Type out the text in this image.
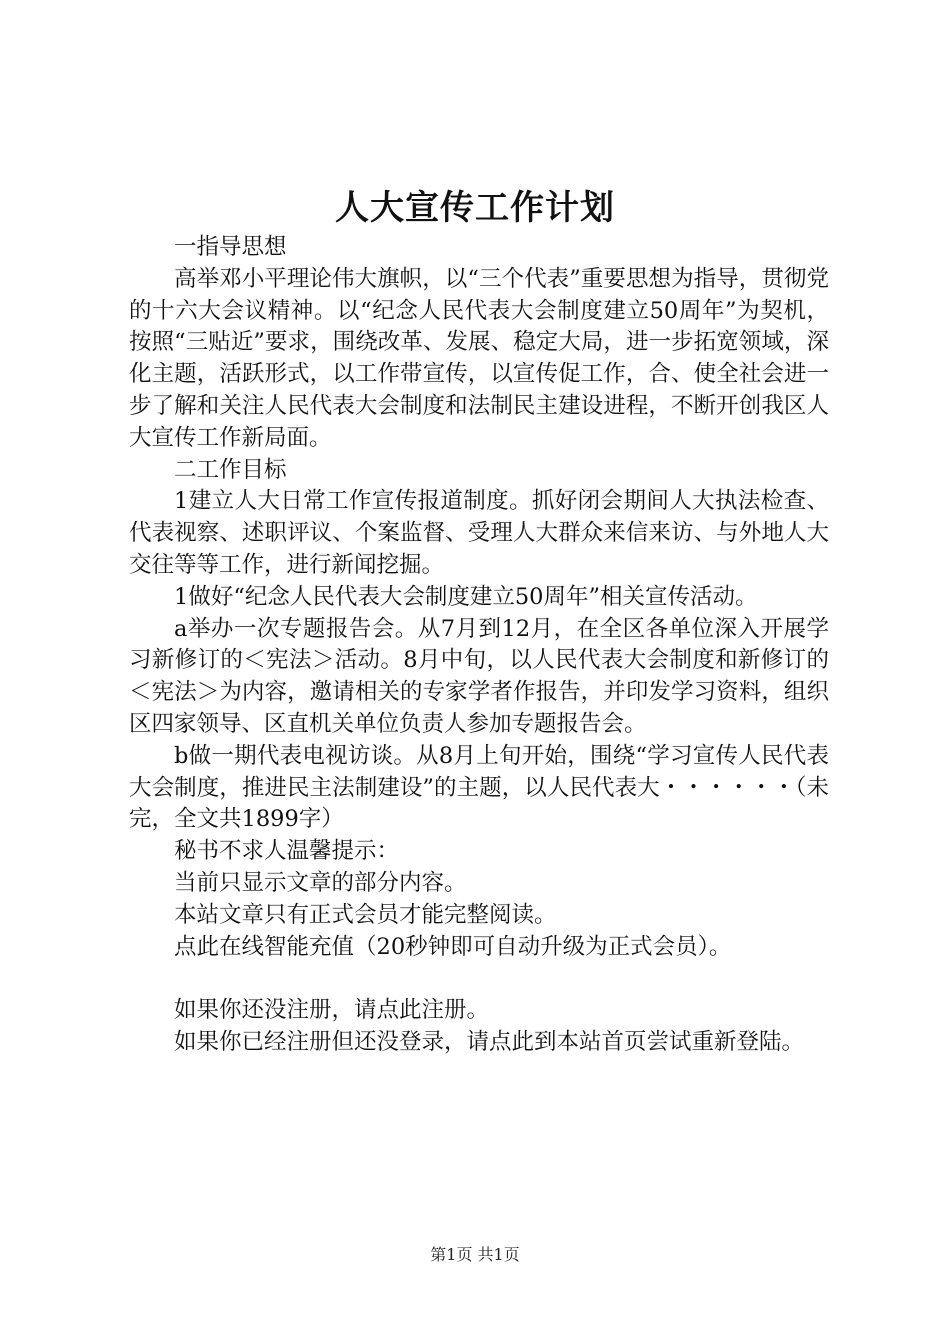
人大宣传工作计划

一指导思想

高举邓小平理论伟大旗帜，以“三个代表”重要思想为指导，贯彻党的十六大会议精神。以“纪念人民代表大会制度建立50周年”为契机，按照“三贴近”要求，围绕改革、发展、稳定大局，进一步拓宽领域，深化主题，活跃形式，以工作带宣传，以宣传促工作，合、使全社会进一步了解和关注人民代表大会制度和法制民主建设进程，不断开创我区人大宣传工作新局面。

二工作目标

1建立人大日常工作宣传报道制度。抓好闭会期间人大执法检查、代表视察、述职评议、个案监督、受理人大群众来信来访、与外地人大交往等等工作，进行新闻挖掘。

1做好“纪念人民代表大会制度建立50周年”相关宣传活动。

a举办一次专题报告会。从7月到12月，在全区各单位深入开展学习新修订的＜宪法＞活动。8月中旬，以人民代表大会制度和新修订的＜宪法＞为内容，邀请相关的专家学者作报告，并印发学习资料，组织区四家领导、区直机关单位负责人参加专题报告会。

b做一期代表电视访谈。从8月上旬开始，围绕“学习宣传人民代表大会制度，推进民主法制建设”的主题，以人民代表大・・・・・・（未完，全文共1899字）

秘书不求人温馨提示：

当前只显示文章的部分内容。

本站文章只有正式会员才能完整阅读。

点此在线智能充值（20秒钟即可自动升级为正式会员）。

如果你还没注册，请点此注册。

如果你已经注册但还没登录，请点此到本站首页尝试重新登陆。

第1页 共1页
